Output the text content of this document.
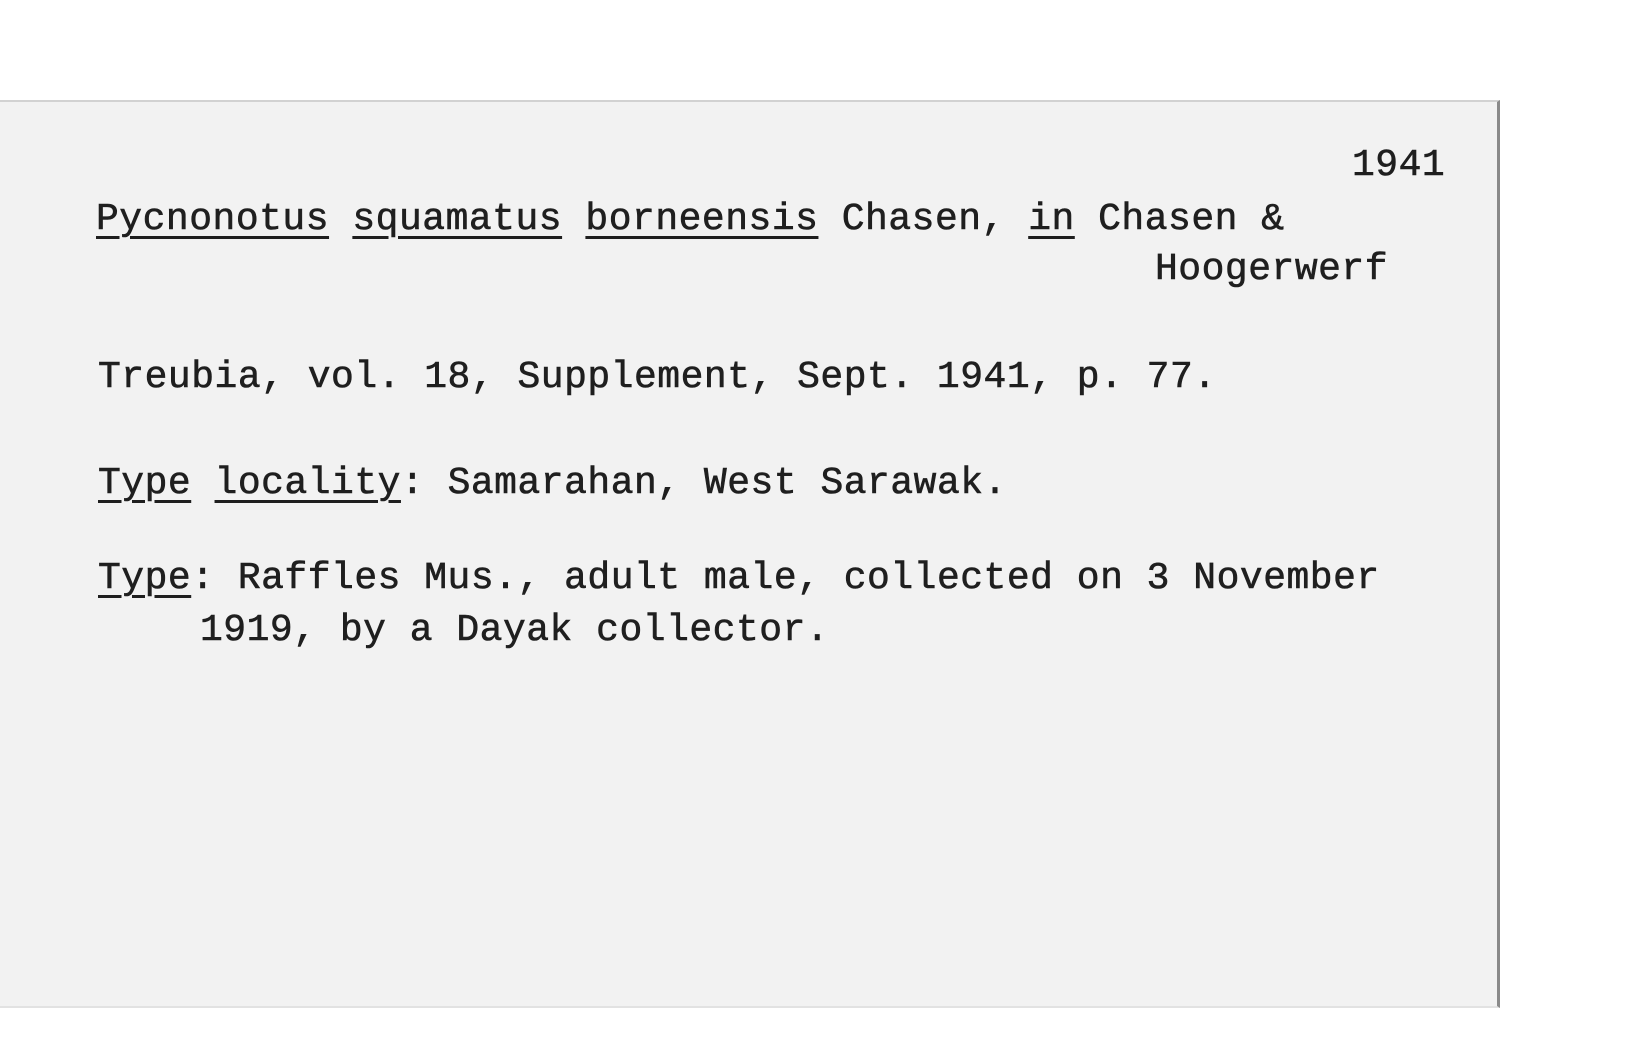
1941
Pycnonotus squamatus borneensis Chasen, in Chasen &
Hoogerwerf
Treubia, vol. 18, Supplement, Sept. 1941, p. 77.
Type locality: Samarahan, West Sarawak.
Type: Raffles Mus., adult male, collected on 3 November
1919, by a Dayak collector.
